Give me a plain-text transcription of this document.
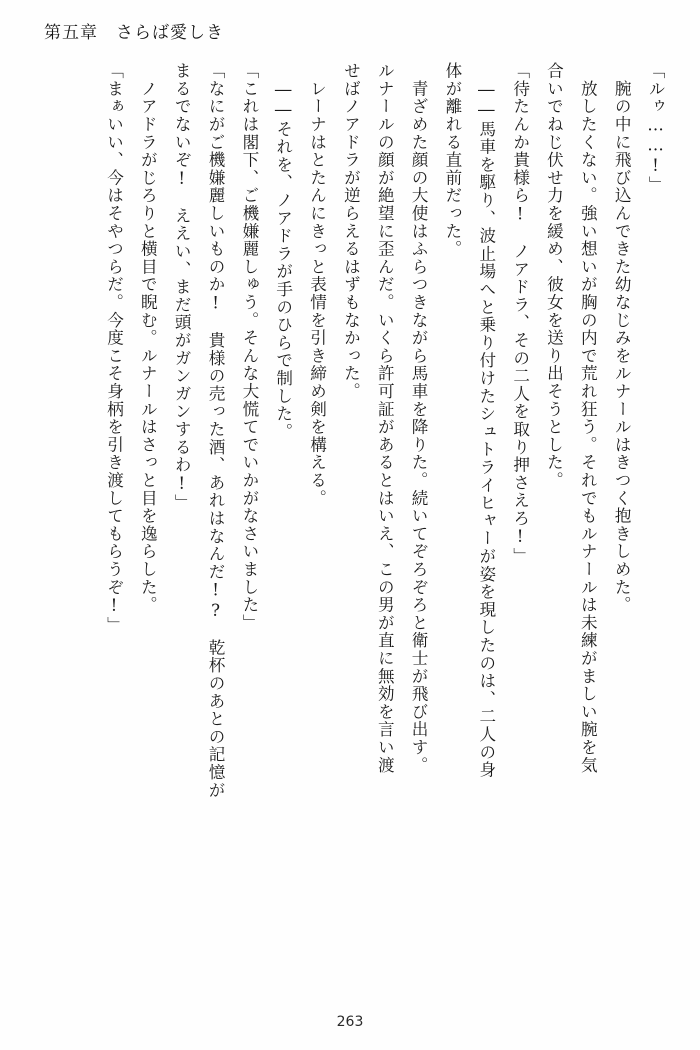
第五章 さらば愛しき

「ルゥ……!」

　腕の中に飛び込んできた幼なじみをルナールはきつく抱きしめた。

　放したくない。強い想いが胸の内で荒れ狂う。それでもルナールは未練がましい腕を気

合いでねじ伏せ力を緩め、彼女を送り出そうとした。

「待たんか貴様ら!　ノアドラ、その二人を取り押さえろ!」

　――馬車を駆り、波止場へと乗り付けたシュトライヒャーが姿を現したのは、二人の身

体が離れる直前だった。

　青ざめた顔の大使はふらつきながら馬車を降りた。続いてぞろぞろと衛士が飛び出す。

ルナールの顔が絶望に歪んだ。いくら許可証があるとはいえ、この男が直に無効を言い渡

せばノアドラが逆らえるはずもなかった。

　レーナはとたんにきっと表情を引き締め剣を構える。

　――それを、ノアドラが手のひらで制した。

「これは閣下、ご機嫌麗しゅう。そんな大慌てでいかがなさいました」

「なにがご機嫌麗しいものか!　貴様の売った酒、あれはなんだ!?　乾杯のあとの記憶が

まるでないぞ!　ええい、まだ頭がガンガンするわ!」

　ノアドラがじろりと横目で睨む。ルナールはさっと目を逸らした。

「まぁいい、今はそやつらだ。今度こそ身柄を引き渡してもらうぞ!」

263
